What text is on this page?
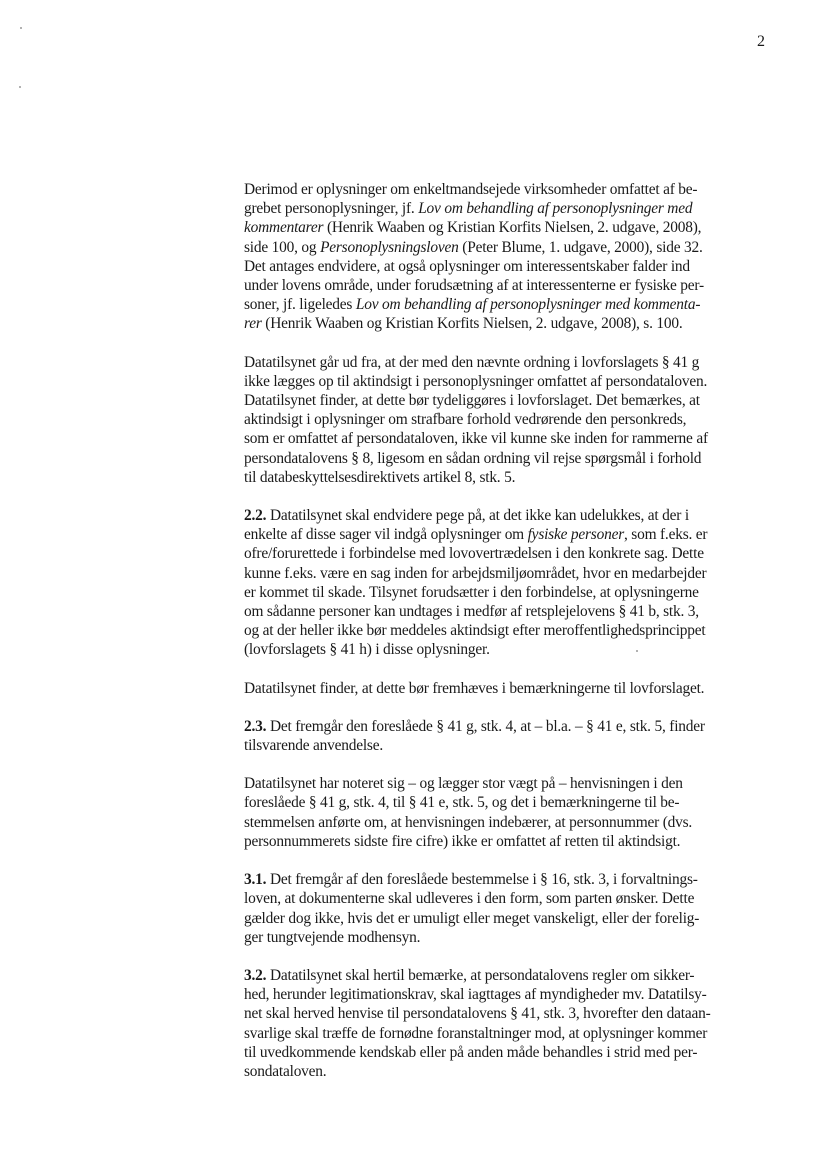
2

Derimod er oplysninger om enkeltmandsejede virksomheder omfattet af be-
grebet personoplysninger, jf. Lov om behandling af personoplysninger med
kommentarer (Henrik Waaben og Kristian Korfits Nielsen, 2. udgave, 2008),
side 100, og Personoplysningsloven (Peter Blume, 1. udgave, 2000), side 32.
Det antages endvidere, at også oplysninger om interessentskaber falder ind
under lovens område, under forudsætning af at interessenterne er fysiske per-
soner, jf. ligeledes Lov om behandling af personoplysninger med kommenta-
rer (Henrik Waaben og Kristian Korfits Nielsen, 2. udgave, 2008), s. 100.

Datatilsynet går ud fra, at der med den nævnte ordning i lovforslagets § 41 g
ikke lægges op til aktindsigt i personoplysninger omfattet af persondataloven.
Datatilsynet finder, at dette bør tydeliggøres i lovforslaget. Det bemærkes, at
aktindsigt i oplysninger om strafbare forhold vedrørende den personkreds,
som er omfattet af persondataloven, ikke vil kunne ske inden for rammerne af
persondatalovens § 8, ligesom en sådan ordning vil rejse spørgsmål i forhold
til databeskyttelsesdirektivets artikel 8, stk. 5.

2.2. Datatilsynet skal endvidere pege på, at det ikke kan udelukkes, at der i
enkelte af disse sager vil indgå oplysninger om fysiske personer, som f.eks. er
ofre/forurettede i forbindelse med lovovertrædelsen i den konkrete sag. Dette
kunne f.eks. være en sag inden for arbejdsmiljøområdet, hvor en medarbejder
er kommet til skade. Tilsynet forudsætter i den forbindelse, at oplysningerne
om sådanne personer kan undtages i medfør af retsplejelovens § 41 b, stk. 3,
og at der heller ikke bør meddeles aktindsigt efter meroffentlighedsprincippet
(lovforslagets § 41 h) i disse oplysninger.

Datatilsynet finder, at dette bør fremhæves i bemærkningerne til lovforslaget.

2.3. Det fremgår den foreslåede § 41 g, stk. 4, at – bl.a. – § 41 e, stk. 5, finder
tilsvarende anvendelse.

Datatilsynet har noteret sig – og lægger stor vægt på – henvisningen i den
foreslåede § 41 g, stk. 4, til § 41 e, stk. 5, og det i bemærkningerne til be-
stemmelsen anførte om, at henvisningen indebærer, at personnummer (dvs.
personnummerets sidste fire cifre) ikke er omfattet af retten til aktindsigt.

3.1. Det fremgår af den foreslåede bestemmelse i § 16, stk. 3, i forvaltnings-
loven, at dokumenterne skal udleveres i den form, som parten ønsker. Dette
gælder dog ikke, hvis det er umuligt eller meget vanskeligt, eller der forelig-
ger tungtvejende modhensyn.

3.2. Datatilsynet skal hertil bemærke, at persondatalovens regler om sikker-
hed, herunder legitimationskrav, skal iagttages af myndigheder mv. Datatilsy-
net skal herved henvise til persondatalovens § 41, stk. 3, hvorefter den dataan-
svarlige skal træffe de fornødne foranstaltninger mod, at oplysninger kommer
til uvedkommende kendskab eller på anden måde behandles i strid med per-
sondataloven.
